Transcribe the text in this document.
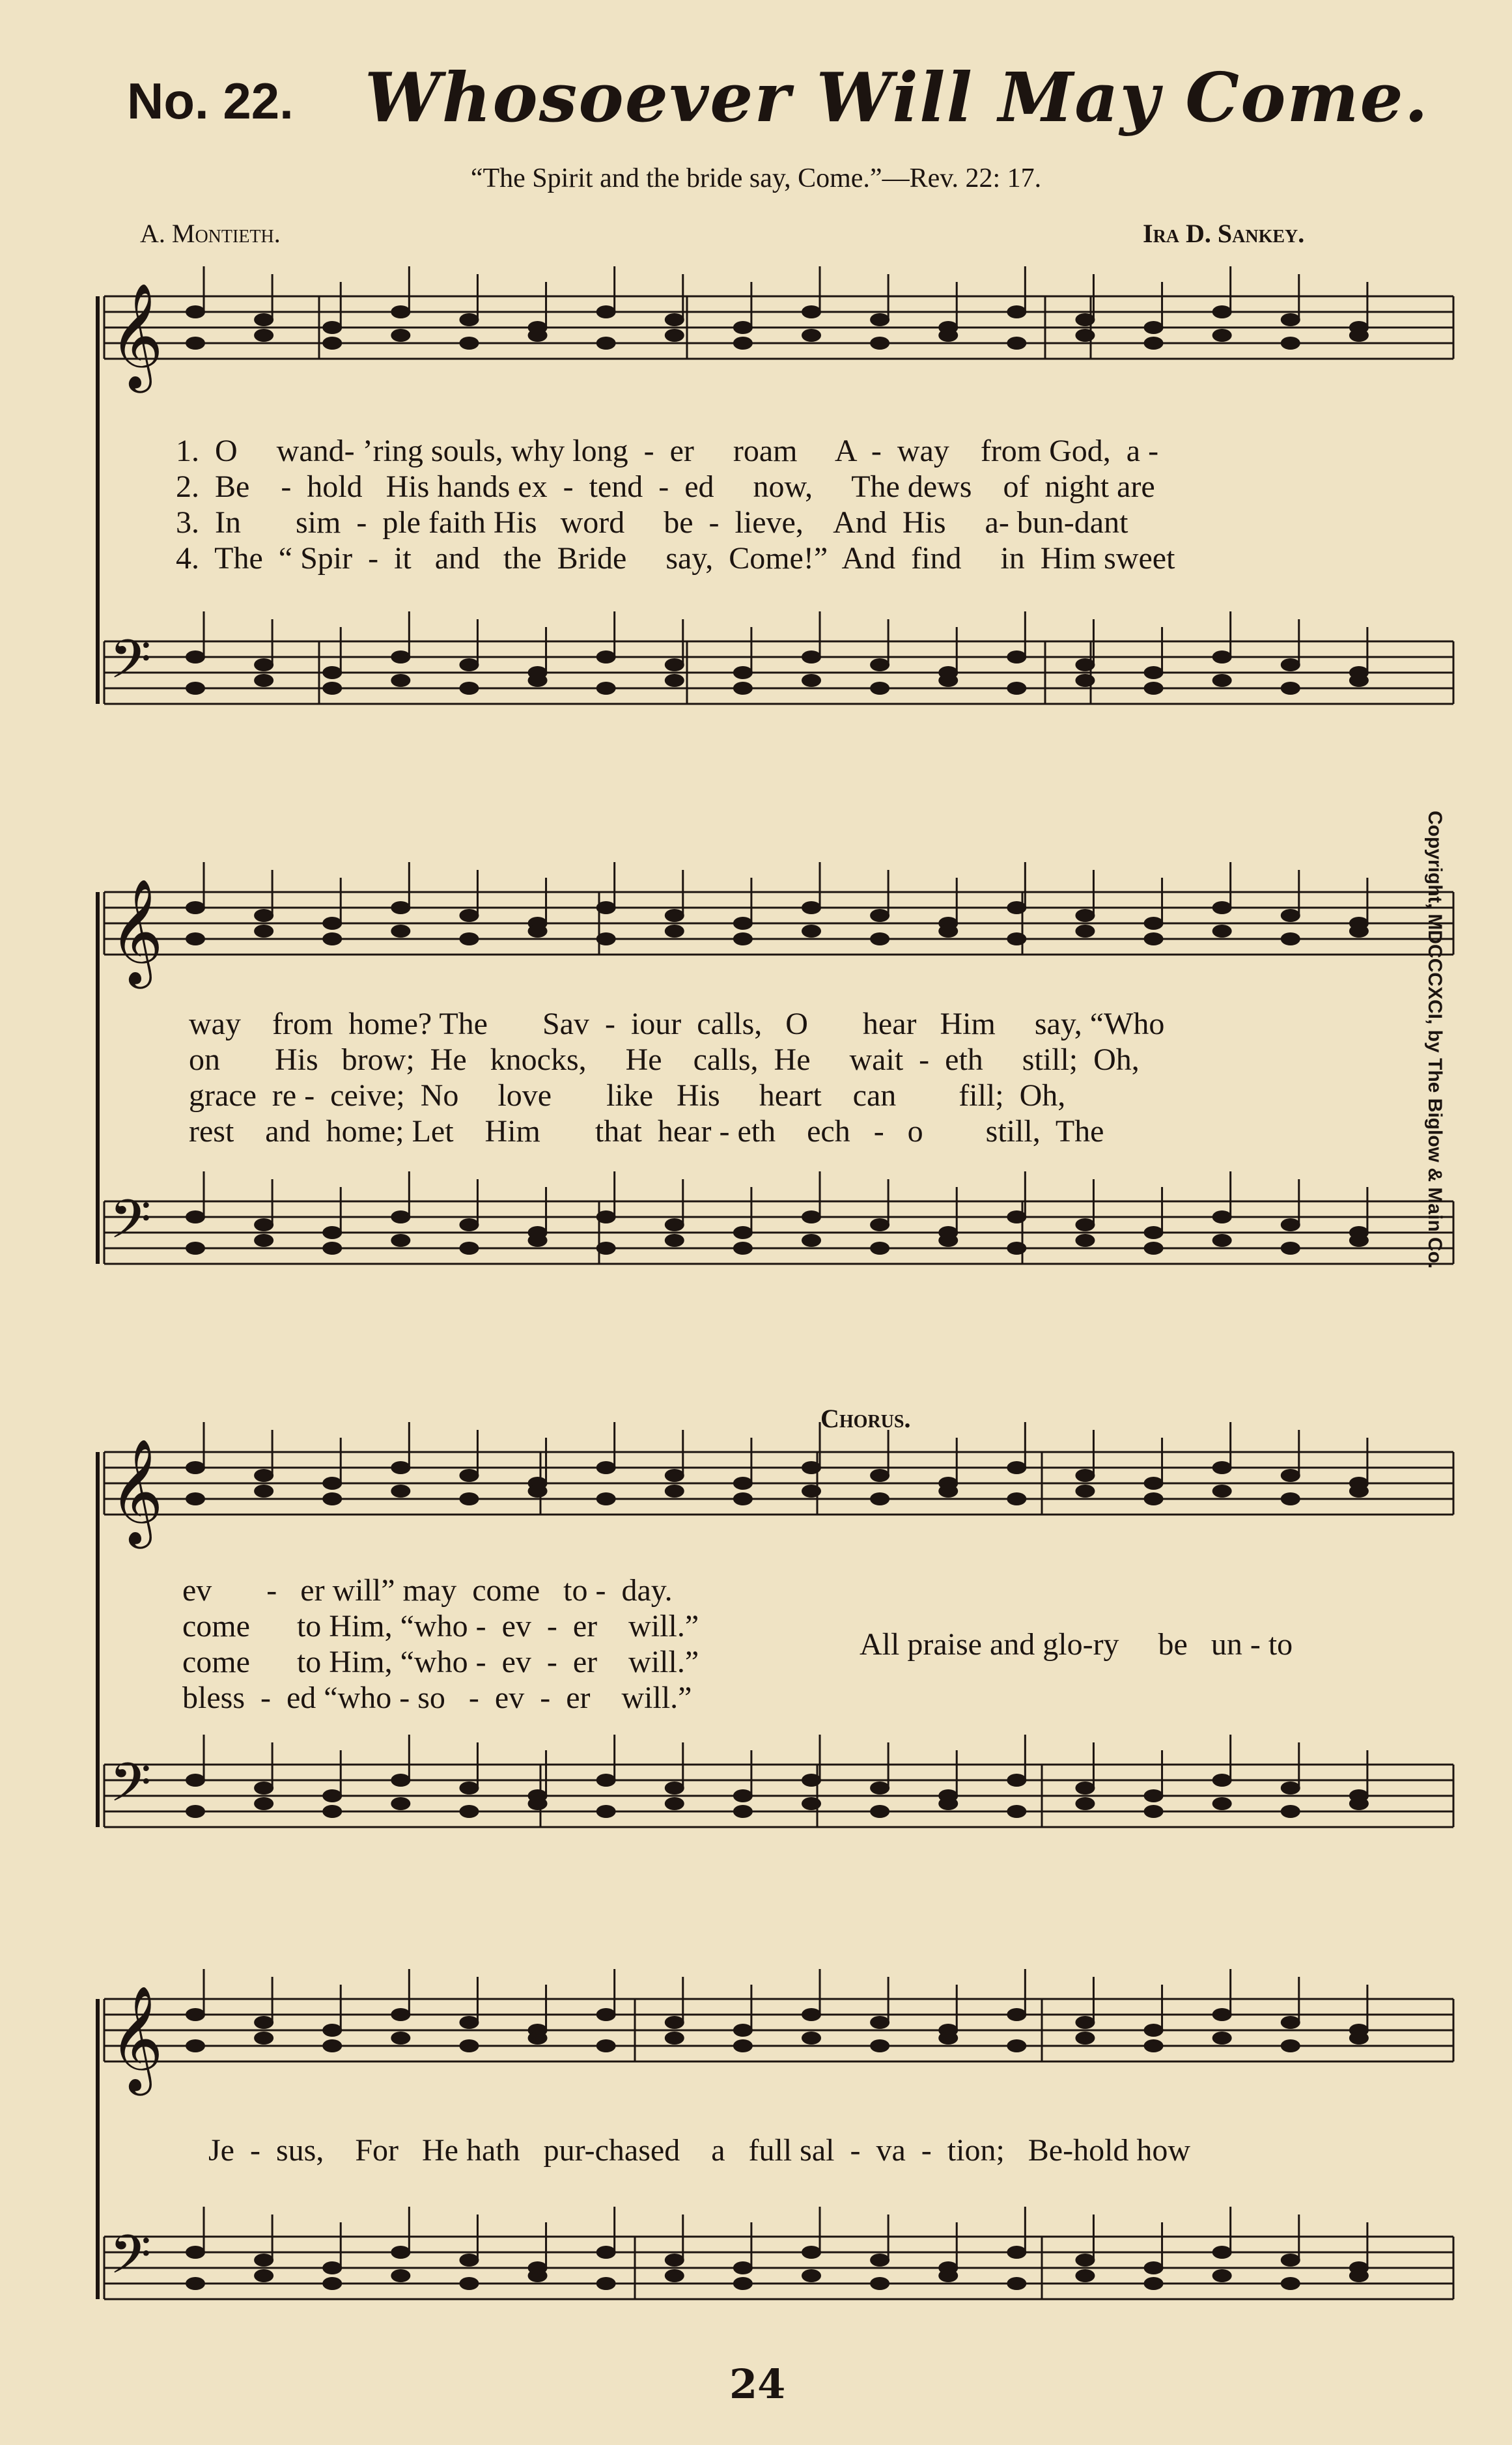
No. 22. Whosoever Will May Come.
“The Spirit and the bride say, Come.”—Rev. 22: 17.
A. Montieth.	Ira D. Sankey.
Copyright, MDCCCXCI, by The Biglow & Main Co.
𝄞
𝄢
𝄞
𝄢
𝄞
𝄢
𝄞
𝄢
1.  O     wand- ’ring souls, why long  -  er     roam     A  -  way    from God,  a -
2.  Be    -  hold   His hands ex  -  tend  -  ed     now,     The dews    of  night are
3.  In       sim  -  ple faith His   word     be  -  lieve,    And  His     a- bun-dant
4.  The  “ Spir  -  it   and   the  Bride     say,  Come!”  And  find     in  Him sweet
way    from  home? The       Sav  -  iour  calls,   O       hear   Him     say, “Who
on       His   brow;  He   knocks,     He    calls,  He     wait  -  eth     still;  Oh,
grace  re -  ceive;  No     love       like   His     heart    can        fill;  Oh,
rest    and  home; Let    Him       that  hear - eth    ech   -   o        still,  The
Chorus.
ev       -   er will” may  come   to -  day.
come      to Him, “who -  ev  -  er    will.”
come      to Him, “who -  ev  -  er    will.”
bless  -  ed “who - so   -  ev  -  er    will.”
All praise and glo-ry     be   un - to
Je  -  sus,    For   He hath   pur-chased    a   full sal  -  va  -  tion;   Be-hold how
24
